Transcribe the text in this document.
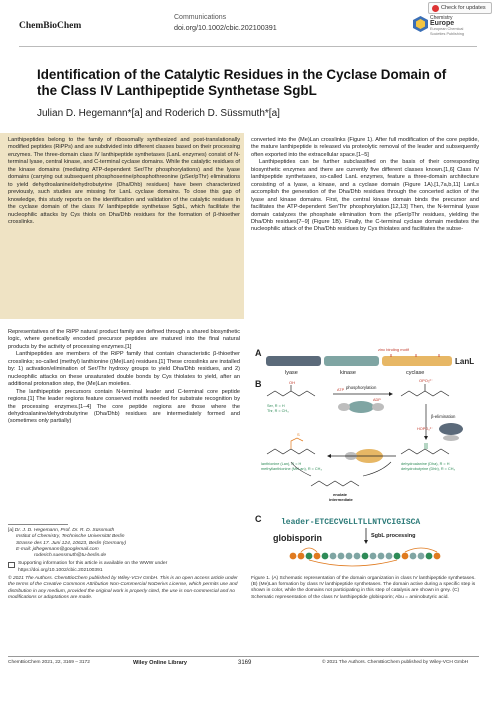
ChemBioChem
Communications
doi.org/10.1002/cbic.202100391
Check for updates
Chemistry
Europe
European Chemical
Societies Publishing
Identification of the Catalytic Residues in the Cyclase Domain of the Class IV Lanthipeptide Synthetase SgbL
Julian D. Hegemann*[a] and Roderich D. Süssmuth*[a]

Lanthipeptides belong to the family of ribosomally synthesized and post-translationally modified peptides (RiPPs) and are subdivided into different classes based on their processing enzymes. The three-domain class IV lanthipeptide synthetases (LanL enzymes) consist of N-terminal lyase, central kinase, and C-terminal cyclase domains. While the catalytic residues of the kinase domains (mediating ATP-dependent Ser/Thr phosphorylations) and the lyase domains (carrying out subsequent phosphoserine/phosphothreonine (pSer/pThr) eliminations to yield dehydroalanine/dehydrobutyrine (Dha/Dhb) residues) have been characterized previously, such studies are missing for LanL cyclase domains. To close this gap of knowledge, this study reports on the identification and validation of the catalytic residues in the cyclase domain of the class IV lanthipeptide synthetase SgbL, which facilitate the nucleophilic attacks by Cys thiols on Dha/Dhb residues for the formation of β-thioether crosslinks.

converted into the (Me)Lan crosslinks (Figure 1). After full modification of the core peptide, the mature lanthipeptide is released via proteolytic removal of the leader and subsequently often exported into the extracellular space.[1–5]

Lanthipeptides can be further subclassified on the basis of their corresponding biosynthetic enzymes and there are currently five different classes known.[1,6] Class IV lanthipeptide synthetases, so-called LanL enzymes, feature a three-domain architecture consisting of a lyase, a kinase, and a cyclase domain (Figure 1A).[1,7a,b,11] LanLs accomplish the generation of the Dha/Dhb residues through the concerted action of the lyase and kinase domains. First, the central kinase domain binds the precursor and facilitates the ATP-dependent Ser/Thr phosphorylation.[12,13] Then, the N-terminal lyase domain catalyzes the phosphate elimination from the pSer/pThr residues, yielding the Dha/Dhb residues[7–9] (Figure 1B). Finally, the C-terminal cyclase domain mediates the nucleophilic attack of the Dha/Dhb residues by Cys thiolates and facilitates the subse-

Representatives of the RiPP natural product family are defined through a shared biosynthetic logic, where genetically encoded precursor peptides are matured into the final natural products by the activity of processing enzymes.[1]

Lanthipeptides are members of the RiPP family that contain characteristic β-thioether crosslinks; so-called (methyl) lanthionine ((Me)Lan) residues.[1] These crosslinks are installed by: 1) activation/elimination of Ser/Thr hydroxy groups to yield Dha/Dhb residues, and 2) nucleophilic attacks on these unsaturated double bonds by Cys thiolates to yield, after an additional protonation step, the (Me)Lan moieties.

The lanthipeptide precursors contain N-terminal leader and C-terminal core peptide regions.[1] The leader regions feature conserved motifs needed for substrate recognition by the processing enzymes.[1–4] The core peptide regions are those where the dehydroalanine/dehydrobutyrine (Dha/Dhb) residues are intermediately formed and (sometimes only partially)

[a] Dr. J. D. Hegemann, Prof. Dr. R. D. Süssmuth
Institut of Chemistry, Technische Universität Berlin
Strasse des 17. Juni 124, 10623, Berlin (Germany)
E-mail: jdhegemann@googlemail.com
roderich.suessmuth@tu-berlin.de
Supporting information for this article is available on the WWW under https://doi.org/10.1002/cbic.202100391
© 2021 The Authors. ChemBioChem published by Wiley-VCH GmbH. This is an open access article under the terms of the Creative Commons Attribution Non-Commercial NoDerivs License, which permits use and distribution in any medium, provided the original work is properly cited, the use is non-commercial and no modifications or adaptations are made.
A	zinc binding motif
LanL
lyase	kinase	cyclase
B	OH
Ser, R = H
Thr, R = CH₃
phosphorylation
ATP
ADP
OPO₃²⁻
β-elimination
HOPO₃²⁻
dehydroalanine (Dha), R = H
dehydrobutyrine (Dhb), R = CH₃
S
lanthionine (Lan), R = H
methyllanthionine (MeLan), R = CH₃
enolate
intermediate
C leader-ETCECVGLLTLLNTVCIGISCA
SgbL processing
globisporin
Figure 1. (A) Schematic representation of the domain organization in class IV lanthipeptide synthetases. (B) (Me)Lan formation by class IV lanthipeptide synthetases. The domain active during a specific step is shown in color, while the domains not participating in this step of catalysis are shown in grey. (C) Schematic representation of the class IV lanthipeptide globisporin; Abu = aminobutyric acid.
ChemBioChem 2021, 22, 3169 – 3172	Wiley Online Library	3169	© 2021 The Authors. ChemBioChem published by Wiley-VCH GmbH
